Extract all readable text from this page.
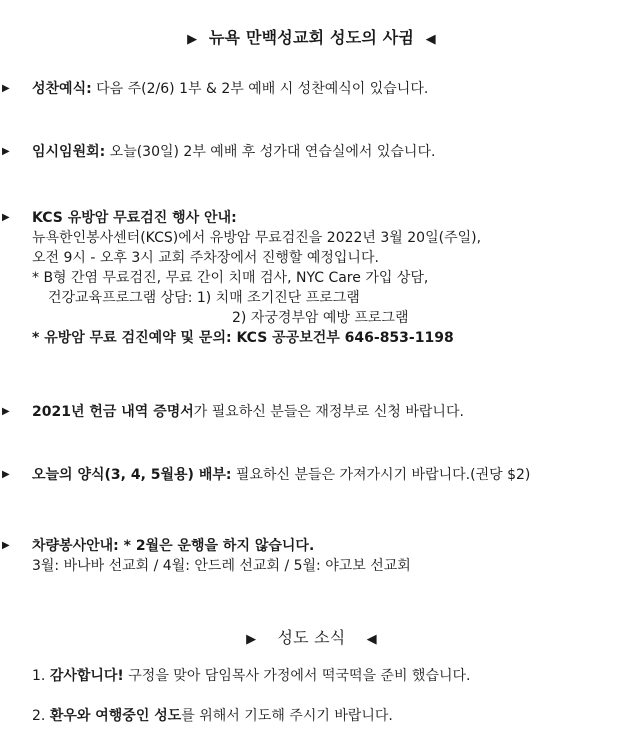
▶ 뉴욕 만백성교회 성도의 사귐 ◀
▶ 성찬예식: 다음 주(2/6) 1부 & 2부 예배 시 성찬예식이 있습니다.
▶ 임시임원회: 오늘(30일) 2부 예배 후 성가대 연습실에서 있습니다.
▶ KCS 유방암 무료검진 행사 안내:
뉴욕한인봉사센터(KCS)에서 유방암 무료검진을 2022년 3월 20일(주일),
오전 9시 - 오후 3시 교회 주차장에서 진행할 예정입니다.
* B형 간염 무료검진, 무료 간이 치매 검사, NYC Care 가입 상담,
건강교육프로그램 상담: 1) 치매 조기진단 프로그램
2) 자궁경부암 예방 프로그램
* 유방암 무료 검진예약 및 문의: KCS 공공보건부 646-853-1198
▶ 2021년 헌금 내역 증명서가 필요하신 분들은 재정부로 신청 바랍니다.
▶ 오늘의 양식(3, 4, 5월용) 배부: 필요하신 분들은 가져가시기 바랍니다.(권당 $2)
▶ 차량봉사안내: * 2월은 운행을 하지 않습니다.
3월: 바나바 선교회 / 4월: 안드레 선교회 / 5월: 야고보 선교회
▶ 성도 소식 ◀
1. 감사합니다! 구정을 맞아 담임목사 가정에서 떡국떡을 준비 했습니다.
2. 환우와 여행중인 성도를 위해서 기도해 주시기 바랍니다.
